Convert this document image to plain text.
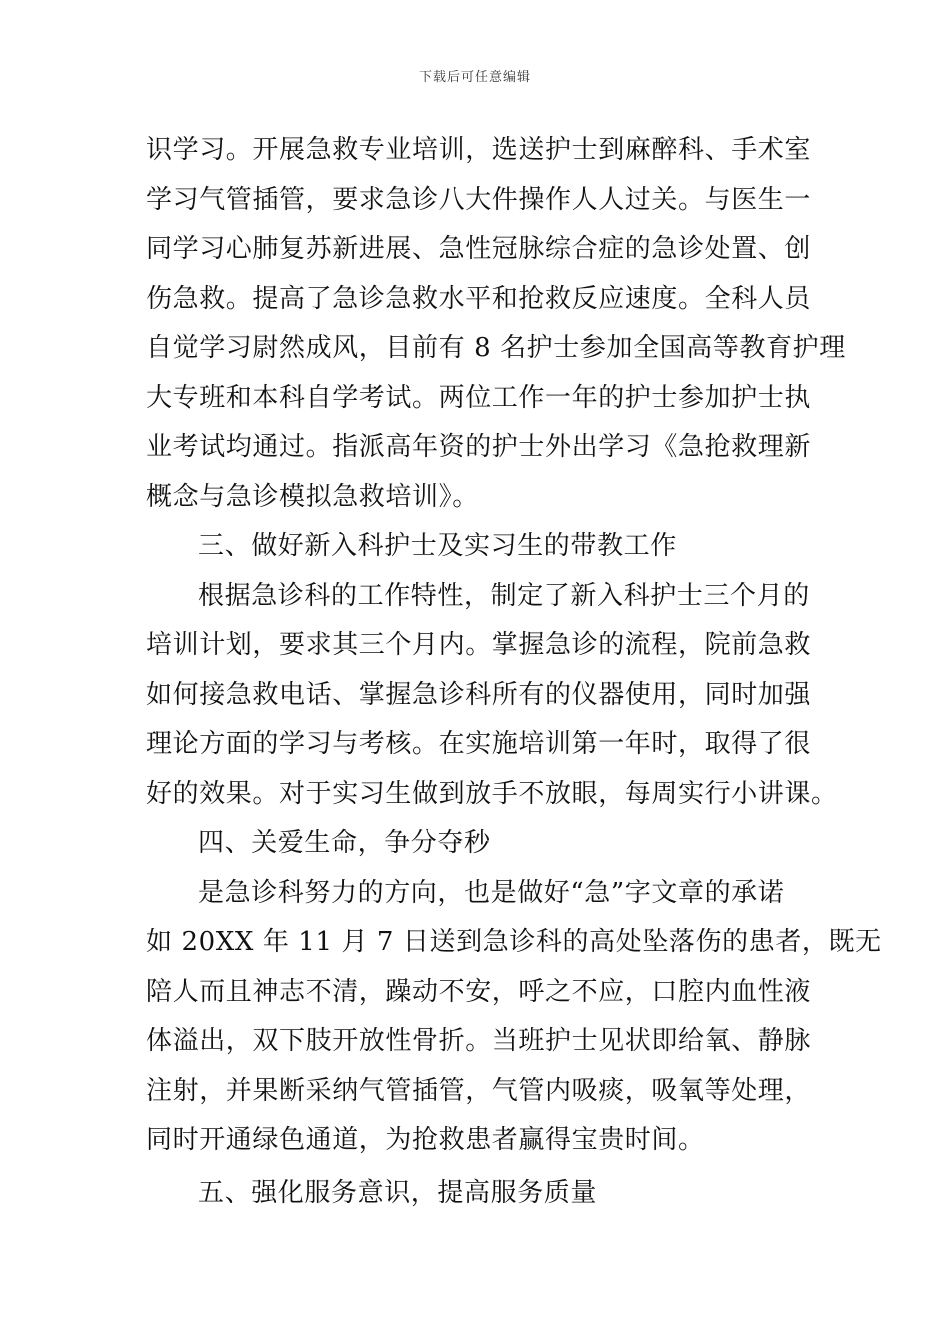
下载后可任意编辑
识学习。开展急救专业培训，选送护士到麻醉科、手术室
学习气管插管，要求急诊八大件操作人人过关。与医生一
同学习心肺复苏新进展、急性冠脉综合症的急诊处置、创
伤急救。提高了急诊急救水平和抢救反应速度。全科人员
自觉学习尉然成风，目前有 8 名护士参加全国高等教育护理
大专班和本科自学考试。两位工作一年的护士参加护士执
业考试均通过。指派高年资的护士外出学习《急抢救理新
概念与急诊模拟急救培训》。
三、做好新入科护士及实习生的带教工作
根据急诊科的工作特性，制定了新入科护士三个月的
培训计划，要求其三个月内。掌握急诊的流程，院前急救
如何接急救电话、掌握急诊科所有的仪器使用，同时加强
理论方面的学习与考核。在实施培训第一年时，取得了很
好的效果。对于实习生做到放手不放眼，每周实行小讲课。
四、关爱生命，争分夺秒
是急诊科努力的方向，也是做好“急”字文章的承诺
如 20XX 年 11 月 7 日送到急诊科的高处坠落伤的患者，既无
陪人而且神志不清，躁动不安，呼之不应，口腔内血性液
体溢出，双下肢开放性骨折。当班护士见状即给氧、静脉
注射，并果断采纳气管插管，气管内吸痰，吸氧等处理，
同时开通绿色通道，为抢救患者赢得宝贵时间。
五、强化服务意识，提高服务质量
